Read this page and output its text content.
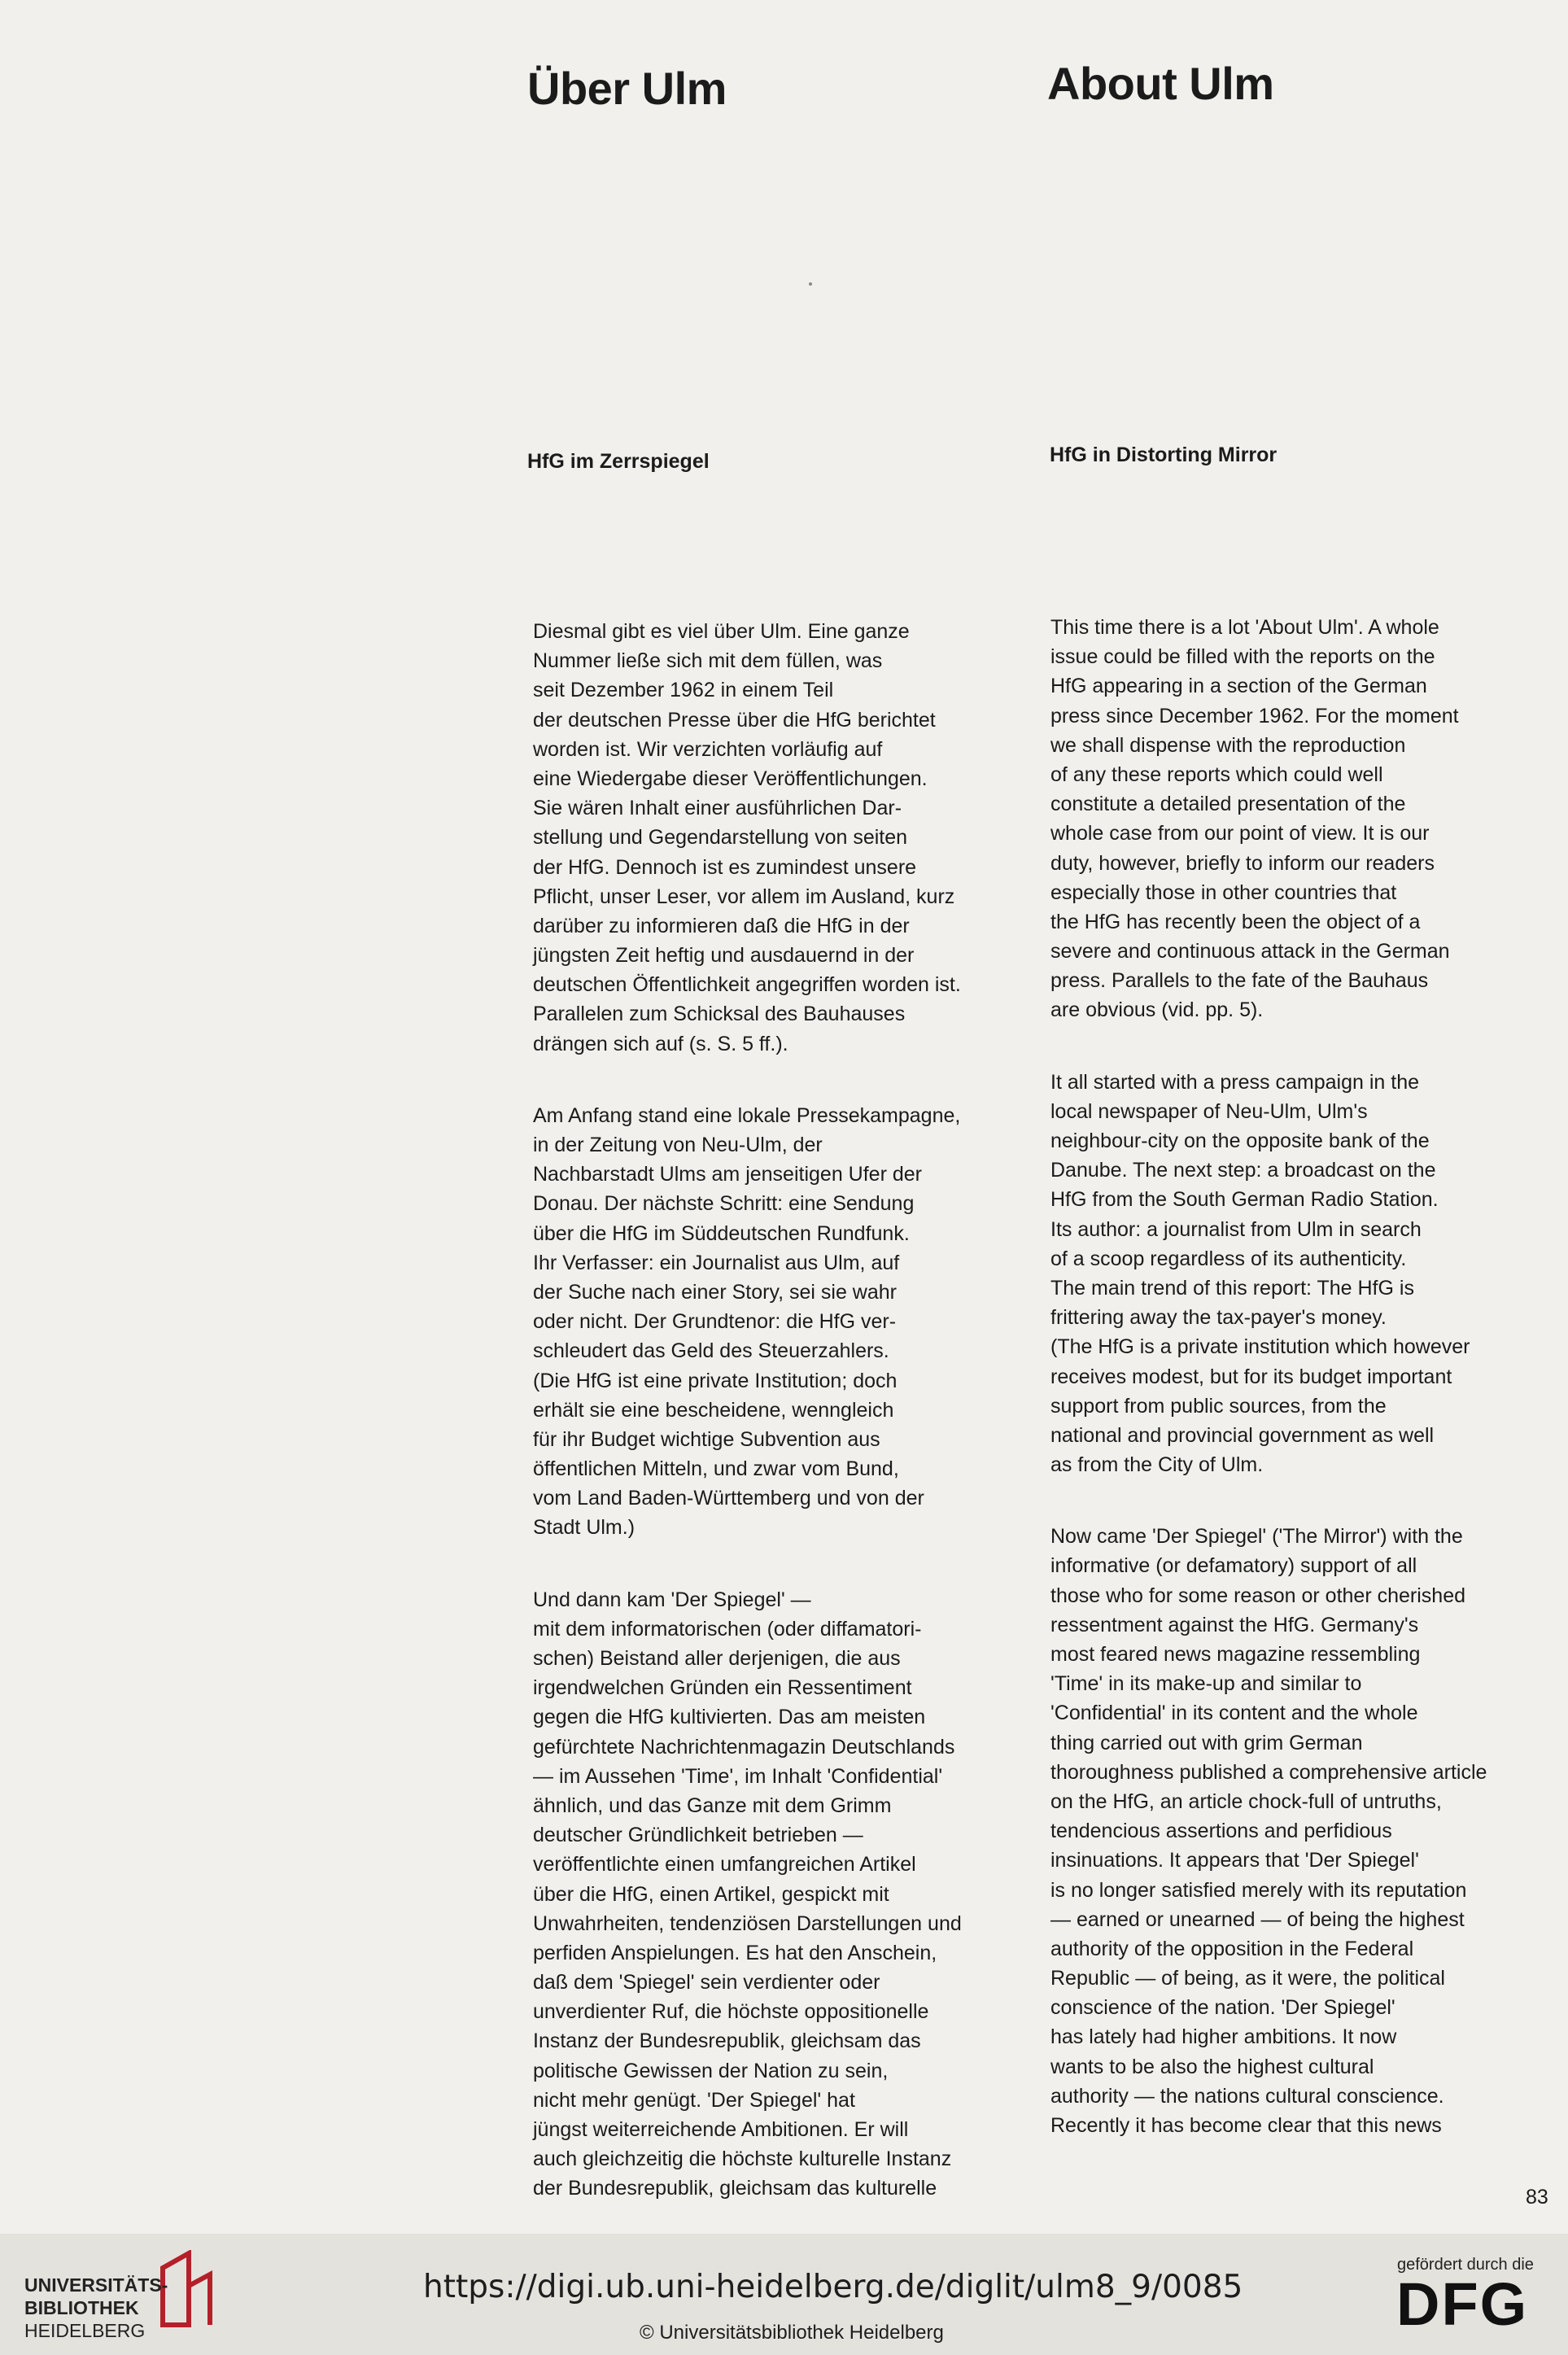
Über Ulm	About Ulm
HfG im Zerrspiegel	HfG in Distorting Mirror
Diesmal gibt es viel über Ulm. Eine ganze
Nummer ließe sich mit dem füllen, was
seit Dezember 1962 in einem Teil
der deutschen Presse über die HfG berichtet
worden ist. Wir verzichten vorläufig auf
eine Wiedergabe dieser Veröffentlichungen.
Sie wären Inhalt einer ausführlichen Dar-
stellung und Gegendarstellung von seiten
der HfG. Dennoch ist es zumindest unsere
Pflicht, unser Leser, vor allem im Ausland, kurz
darüber zu informieren daß die HfG in der
jüngsten Zeit heftig und ausdauernd in der
deutschen Öffentlichkeit angegriffen worden ist.
Parallelen zum Schicksal des Bauhauses
drängen sich auf (s. S. 5 ff.).
Am Anfang stand eine lokale Pressekampagne,
in der Zeitung von Neu-Ulm, der
Nachbarstadt Ulms am jenseitigen Ufer der
Donau. Der nächste Schritt: eine Sendung
über die HfG im Süddeutschen Rundfunk.
Ihr Verfasser: ein Journalist aus Ulm, auf
der Suche nach einer Story, sei sie wahr
oder nicht. Der Grundtenor: die HfG ver-
schleudert das Geld des Steuerzahlers.
(Die HfG ist eine private Institution; doch
erhält sie eine bescheidene, wenngleich
für ihr Budget wichtige Subvention aus
öffentlichen Mitteln, und zwar vom Bund,
vom Land Baden-Württemberg und von der
Stadt Ulm.)
Und dann kam 'Der Spiegel' —
mit dem informatorischen (oder diffamatori-
schen) Beistand aller derjenigen, die aus
irgendwelchen Gründen ein Ressentiment
gegen die HfG kultivierten. Das am meisten
gefürchtete Nachrichtenmagazin Deutschlands
— im Aussehen 'Time', im Inhalt 'Confidential'
ähnlich, und das Ganze mit dem Grimm
deutscher Gründlichkeit betrieben —
veröffentlichte einen umfangreichen Artikel
über die HfG, einen Artikel, gespickt mit
Unwahrheiten, tendenziösen Darstellungen und
perfiden Anspielungen. Es hat den Anschein,
daß dem 'Spiegel' sein verdienter oder
unverdienter Ruf, die höchste oppositionelle
Instanz der Bundesrepublik, gleichsam das
politische Gewissen der Nation zu sein,
nicht mehr genügt. 'Der Spiegel' hat
jüngst weiterreichende Ambitionen. Er will
auch gleichzeitig die höchste kulturelle Instanz
der Bundesrepublik, gleichsam das kulturelle
This time there is a lot 'About Ulm'. A whole
issue could be filled with the reports on the
HfG appearing in a section of the German
press since December 1962. For the moment
we shall dispense with the reproduction
of any these reports which could well
constitute a detailed presentation of the
whole case from our point of view. It is our
duty, however, briefly to inform our readers
especially those in other countries that
the HfG has recently been the object of a
severe and continuous attack in the German
press. Parallels to the fate of the Bauhaus
are obvious (vid. pp. 5).
It all started with a press campaign in the
local newspaper of Neu-Ulm, Ulm's
neighbour-city on the opposite bank of the
Danube. The next step: a broadcast on the
HfG from the South German Radio Station.
Its author: a journalist from Ulm in search
of a scoop regardless of its authenticity.
The main trend of this report: The HfG is
frittering away the tax-payer's money.
(The HfG is a private institution which however
receives modest, but for its budget important
support from public sources, from the
national and provincial government as well
as from the City of Ulm.
Now came 'Der Spiegel' ('The Mirror') with the
informative (or defamatory) support of all
those who for some reason or other cherished
ressentment against the HfG. Germany's
most feared news magazine ressembling
'Time' in its make-up and similar to
'Confidential' in its content and the whole
thing carried out with grim German
thoroughness published a comprehensive article
on the HfG, an article chock-full of untruths,
tendencious assertions and perfidious
insinuations. It appears that 'Der Spiegel'
is no longer satisfied merely with its reputation
— earned or unearned — of being the highest
authority of the opposition in the Federal
Republic — of being, as it were, the political
conscience of the nation. 'Der Spiegel'
has lately had higher ambitions. It now
wants to be also the highest cultural
authority — the nations cultural conscience.
Recently it has become clear that this news
83
UNIVERSITÄTS-
BIBLIOTHEK
HEIDELBERG
https://digi.ub.uni-heidelberg.de/diglit/ulm8_9/0085
© Universitätsbibliothek Heidelberg
gefördert durch die
DFG
